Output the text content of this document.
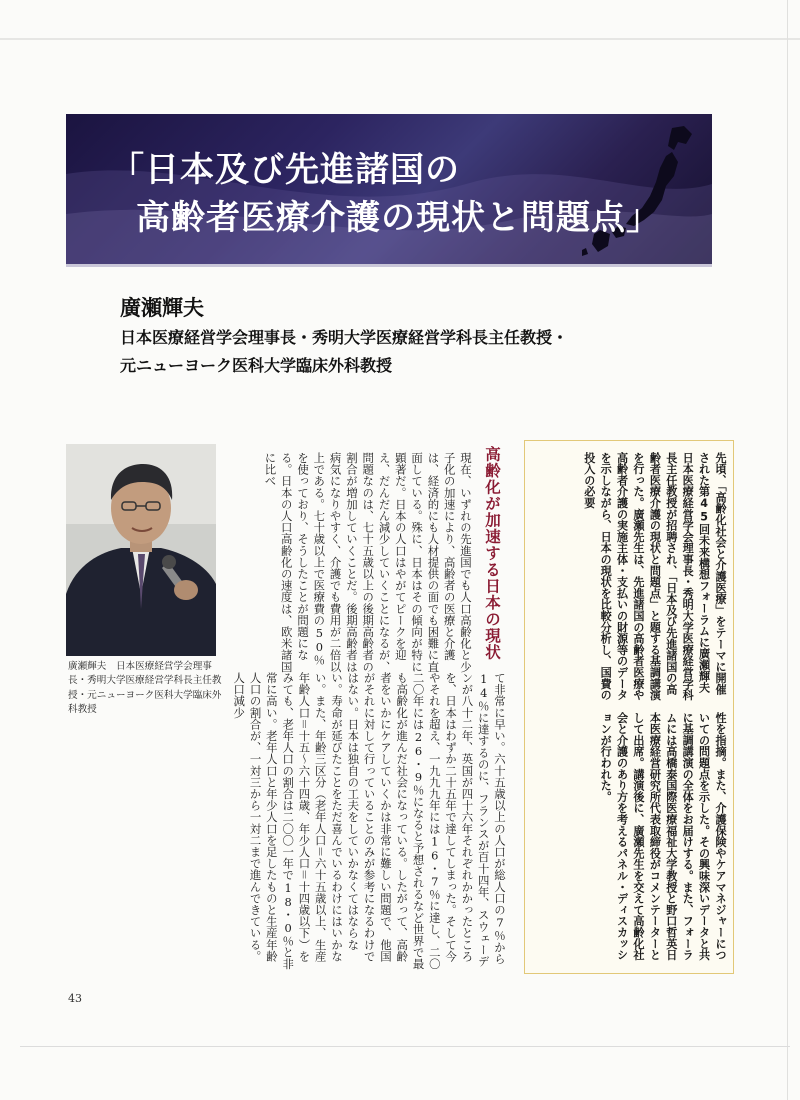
「日本及び先進諸国の
高齢者医療介護の現状と問題点」
廣瀬輝夫
日本医療経営学会理事長・秀明大学医療経営学科長主任教授・
元ニューヨーク医科大学臨床外科教授

先頃、「高齢化社会と介護医療」をテーマに開催された第45回未来構想フォーラムに廣瀬輝夫日本医療経営学会理事長・秀明大学医療経営学科長主任教授が招聘され、「日本及び先進諸国の高齢者医療介護の現状と問題点」と題する基調講演を行った。廣瀬先生は、先進諸国の高齢者医療や高齢者介護の実施主体・支払いの財源等のデータを示しながら、日本の現状を比較分析し、国費の投入の必要

性を指摘。また、介護保険やケアマネジャーについての問題点を示した。その興味深いデータと共に基調講演の全体をお届けする。また、フォーラムには高橋泰国際医療福祉大学教授と野口哲英日本医療経営研究所代表取締役がコメンテーターとして出席。講演後に、廣瀬先生を交えて高齢化社会と介護のあり方を考えるパネル・ディスカッションが行われた。

高齢化が加速する日本の現状

現在、いずれの先進国でも人口高齢化と少子化の加速により、高齢者の医療と介護は、経済的にも人材提供の面でも困難に直面している。殊に、日本はその傾向が特に顕著だ。日本の人口はやがてピークを迎え、だんだん減少していくことになるが、問題なのは、七十五歳以上の後期高齢者の割合が増加していくことだ。後期高齢者は病気になりやすく、介護でも費用が二倍以上である。七十歳以上で医療費の50％を使っており、そうしたことが問題になる。日本の人口高齢化の速度は、欧米諸国に比べ

て非常に早い。六十五歳以上の人口が総人口の7％から14％に達するのに、フランスが百十四年、スウェーデンが八十二年、英国が四十六年それぞれかかったところを、日本はわずか二十五年で達してしまった。そして今やそれを超え、一九九九年には16・7％に達し、二〇二〇年には26・9％になると予想されるなど世界で最も高齢化が進んだ社会になっている。したがって、高齢者をいかにケアしていくかは非常に難しい問題で、他国がそれに対して行っていることのみが参考になるわけではない。日本は独自の工夫をしていかなくてはならない。寿命が延びたことをただ喜んでいるわけにはいかない。また、年齢三区分（老年人口＝六十五歳以上、生産年齢人口＝十五～六十四歳、年少人口＝十四歳以下）をみても、老年人口の割合は二〇〇一年で18・0％と非常に高い。老年人口と年少人口を足したものと生産年齢人口の割合が、一対三から一対二まで進んできている。人口減少

廣瀬輝夫　日本医療経営学会理事長・秀明大学医療経営学科長主任教授・元ニューヨーク医科大学臨床外科教授
43
